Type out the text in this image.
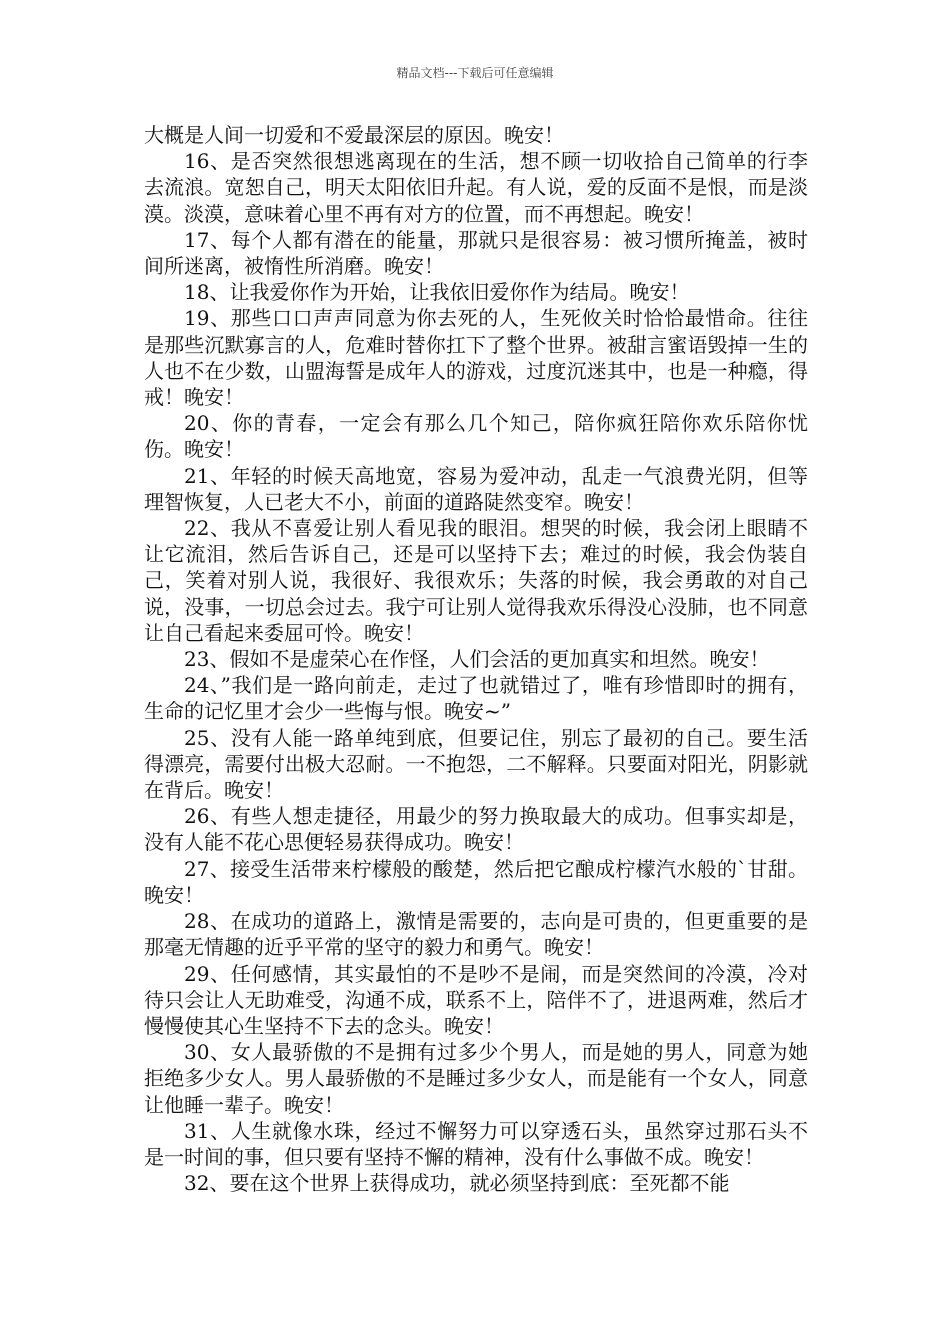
精品文档---下载后可任意编辑

大概是人间一切爱和不爱最深层的原因。晚安！

16、是否突然很想逃离现在的生活，想不顾一切收拾自己简单的行李去流浪。宽恕自己，明天太阳依旧升起。有人说，爱的反面不是恨，而是淡漠。淡漠，意味着心里不再有对方的位置，而不再想起。晚安！

17、每个人都有潜在的能量，那就只是很容易：被习惯所掩盖，被时间所迷离，被惰性所消磨。晚安！

18、让我爱你作为开始，让我依旧爱你作为结局。晚安！

19、那些口口声声同意为你去死的人，生死攸关时恰恰最惜命。往往是那些沉默寡言的人，危难时替你扛下了整个世界。被甜言蜜语毁掉一生的人也不在少数，山盟海誓是成年人的游戏，过度沉迷其中，也是一种瘾，得戒！晚安！

20、你的青春，一定会有那么几个知己，陪你疯狂陪你欢乐陪你忧伤。晚安！

21、年轻的时候天高地宽，容易为爱冲动，乱走一气浪费光阴，但等理智恢复，人已老大不小，前面的道路陡然变窄。晚安！

22、我从不喜爱让别人看见我的眼泪。想哭的时候，我会闭上眼睛不让它流泪，然后告诉自己，还是可以坚持下去；难过的时候，我会伪装自己，笑着对别人说，我很好、我很欢乐；失落的时候，我会勇敢的对自己说，没事，一切总会过去。我宁可让别人觉得我欢乐得没心没肺，也不同意让自己看起来委屈可怜。晚安！

23、假如不是虚荣心在作怪，人们会活的更加真实和坦然。晚安！

24、”我们是一路向前走，走过了也就错过了，唯有珍惜即时的拥有，生命的记忆里才会少一些悔与恨。晚安~”

25、没有人能一路单纯到底，但要记住，别忘了最初的自己。要生活得漂亮，需要付出极大忍耐。一不抱怨，二不解释。只要面对阳光，阴影就在背后。晚安！

26、有些人想走捷径，用最少的努力换取最大的成功。但事实却是，没有人能不花心思便轻易获得成功。晚安！

27、接受生活带来柠檬般的酸楚，然后把它酿成柠檬汽水般的`甘甜。晚安！

28、在成功的道路上，激情是需要的，志向是可贵的，但更重要的是那毫无情趣的近乎平常的坚守的毅力和勇气。晚安！

29、任何感情，其实最怕的不是吵不是闹，而是突然间的冷漠，冷对待只会让人无助难受，沟通不成，联系不上，陪伴不了，进退两难，然后才慢慢使其心生坚持不下去的念头。晚安！

30、女人最骄傲的不是拥有过多少个男人，而是她的男人，同意为她拒绝多少女人。男人最骄傲的不是睡过多少女人，而是能有一个女人，同意让他睡一辈子。晚安！

31、人生就像水珠，经过不懈努力可以穿透石头，虽然穿过那石头不是一时间的事，但只要有坚持不懈的精神，没有什么事做不成。晚安！

32、要在这个世界上获得成功，就必须坚持到底：至死都不能
